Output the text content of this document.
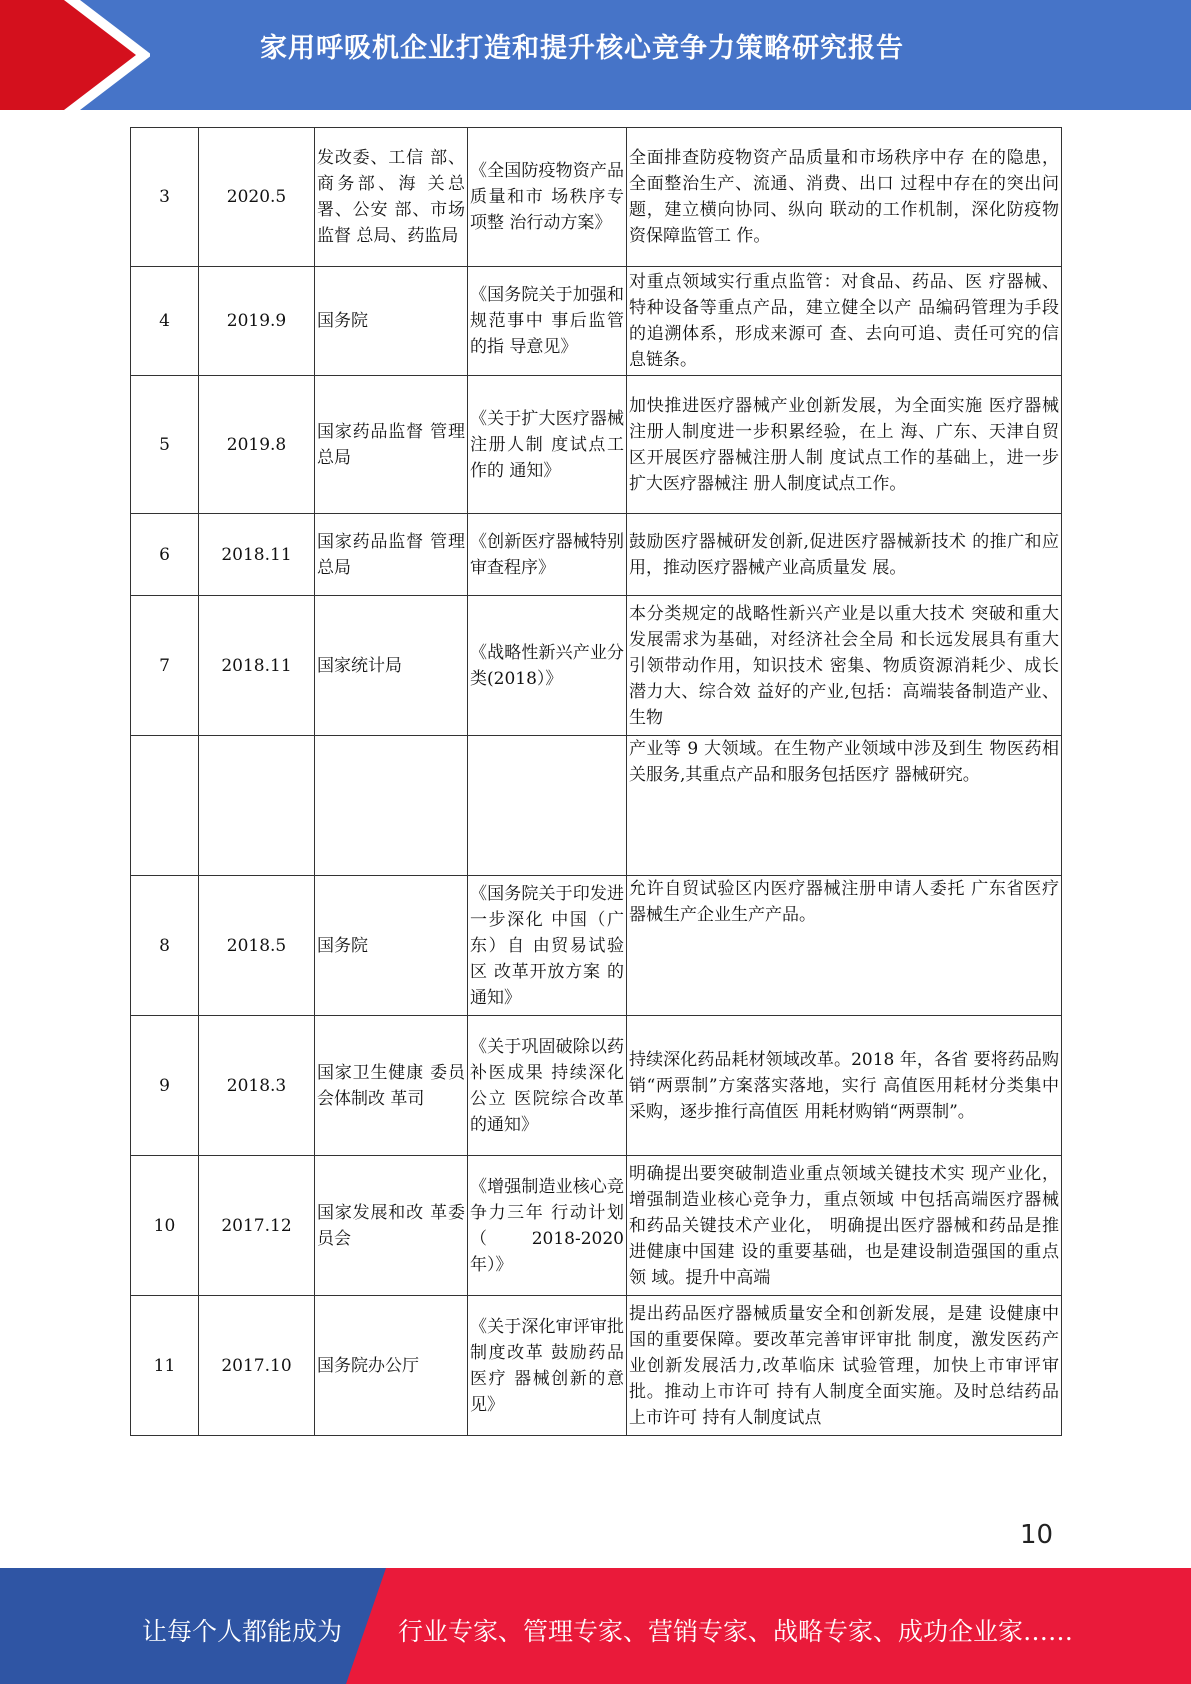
家用呼吸机企业打造和提升核心竞争力策略研究报告
3	2020.5	发改委、工信 部、商务部、海 关总署、公安 部、市场监督 总局、药监局	《全国防疫物资产品质量和市 场秩序专项整 治行动方案》	全面排查防疫物资产品质量和市场秩序中存 在的隐患，全面整治生产、流通、消费、出口 过程中存在的突出问题，建立横向协同、纵向 联动的工作机制，深化防疫物资保障监管工 作。
4	2019.9	国务院	《国务院关于加强和规范事中 事后监管的指 导意见》	对重点领域实行重点监管：对食品、药品、医 疗器械、特种设备等重点产品，建立健全以产 品编码管理为手段的追溯体系，形成来源可 查、去向可追、责任可究的信息链条。
5	2019.8	国家药品监督 管理总局	《关于扩大医疗器械注册人制 度试点工作的 通知》	加快推进医疗器械产业创新发展，为全面实施 医疗器械注册人制度进一步积累经验，在上 海、广东、天津自贸区开展医疗器械注册人制 度试点工作的基础上，进一步扩大医疗器械注 册人制度试点工作。
6	2018.11	国家药品监督 管理总局	《创新医疗器械特别审查程序》	鼓励医疗器械研发创新,促进医疗器械新技术 的推广和应用，推动医疗器械产业高质量发 展。
7	2018.11	国家统计局	《战略性新兴产业分类(2018）》	本分类规定的战略性新兴产业是以重大技术 突破和重大发展需求为基础，对经济社会全局 和长远发展具有重大引领带动作用，知识技术 密集、物质资源消耗少、成长潜力大、综合效 益好的产业,包括：高端装备制造产业、生物
				产业等 9 大领域。在生物产业领域中涉及到生 物医药相关服务,其重点产品和服务包括医疗 器械研究。
8	2018.5	国务院	《国务院关于印发进一步深化 中国（广东）自 由贸易试验区 改革开放方案 的通知》	允许自贸试验区内医疗器械注册申请人委托 广东省医疗器械生产企业生产产品。
9	2018.3	国家卫生健康 委员会体制改 革司	《关于巩固破除以药补医成果 持续深化公立 医院综合改革 的通知》	持续深化药品耗材领域改革。2018 年，各省 要将药品购销“两票制”方案落实落地，实行 高值医用耗材分类集中采购，逐步推行高值医 用耗材购销“两票制”。
10	2017.12	国家发展和改 革委员会	《增强制造业核心竞争力三年 行动计划 （ 2018-2020 年）》	明确提出要突破制造业重点领域关键技术实 现产业化，增强制造业核心竞争力，重点领域 中包括高端医疗器械和药品关键技术产业化， 明确提出医疗器械和药品是推进健康中国建 设的重要基础，也是建设制造强国的重点领 域。提升中高端
11	2017.10	国务院办公厅	《关于深化审评审批制度改革 鼓励药品医疗 器械创新的意 见》	提出药品医疗器械质量安全和创新发展，是建 设健康中国的重要保障。要改革完善审评审批 制度，激发医药产业创新发展活力,改革临床 试验管理，加快上市审评审批。推动上市许可 持有人制度全面实施。及时总结药品上市许可 持有人制度试点
10
让每个人都能成为 行业专家、管理专家、营销专家、战略专家、成功企业家……
